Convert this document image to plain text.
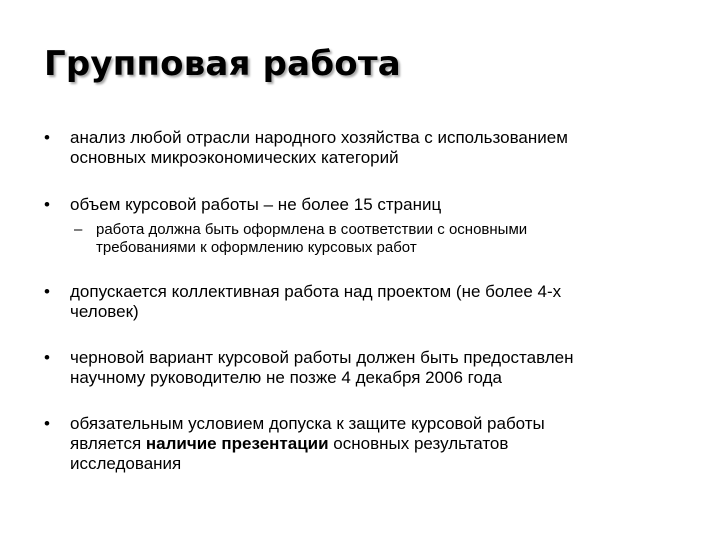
Групповая работа
• анализ любой отрасли народного хозяйства с использованием
основных микроэкономических категорий
• объем курсовой работы – не более 15 страниц
– работа должна быть оформлена в соответствии с основными
требованиями к оформлению курсовых работ
• допускается коллективная работа над проектом (не более 4-х
человек)
• черновой вариант курсовой работы должен быть предоставлен
научному руководителю не позже 4 декабря 2006 года
• обязательным условием допуска к защите курсовой работы
является наличие презентации основных результатов
исследования
